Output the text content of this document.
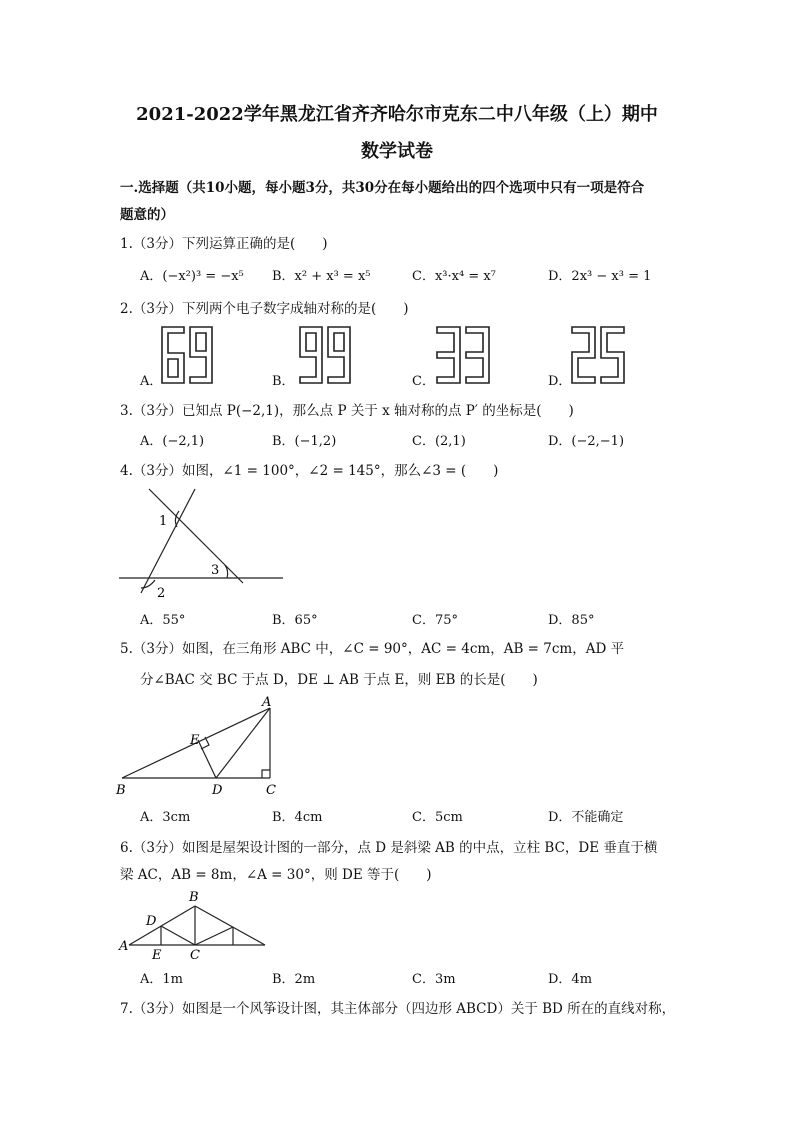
2021-2022学年黑龙江省齐齐哈尔市克东二中八年级（上）期中
数学试卷
一.选择题（共10小题，每小题3分，共30分在每小题给出的四个选项中只有一项是符合
题意的）
1.（3分）下列运算正确的是(　　)
A．(−x²)³ = −x⁵ B．x² + x³ = x⁵	C．x³·x⁴ = x⁷	D．2x³ − x³ = 1
2.（3分）下列两个电子数字成轴对称的是(　　)
A．	B．	C．	D．
3.（3分）已知点 P(−2,1)，那么点 P 关于 x 轴对称的点 P′ 的坐标是(　　)
A．(−2,1)	B．(−1,2)	C．(2,1)	D．(−2,−1)
4.（3分）如图，∠1 = 100°，∠2 = 145°，那么∠3 = (　　)
1
2
3
A．55°	B．65°	C．75°	D．85°
5.（3分）如图，在三角形 ABC 中，∠C = 90°，AC = 4cm，AB = 7cm，AD 平
分∠BAC 交 BC 于点 D，DE ⊥ AB 于点 E，则 EB 的长是(　　)
A
B	C
D
E
A．3cm	B．4cm	C．5cm	D．不能确定
6.（3分）如图是屋架设计图的一部分，点 D 是斜梁 AB 的中点，立柱 BC，DE 垂直于横
梁 AC，AB = 8m，∠A = 30°，则 DE 等于(　　)
A
B
C
D
E
A．1m	B．2m	C．3m	D．4m
7.（3分）如图是一个风筝设计图，其主体部分（四边形 ABCD）关于 BD 所在的直线对称，
